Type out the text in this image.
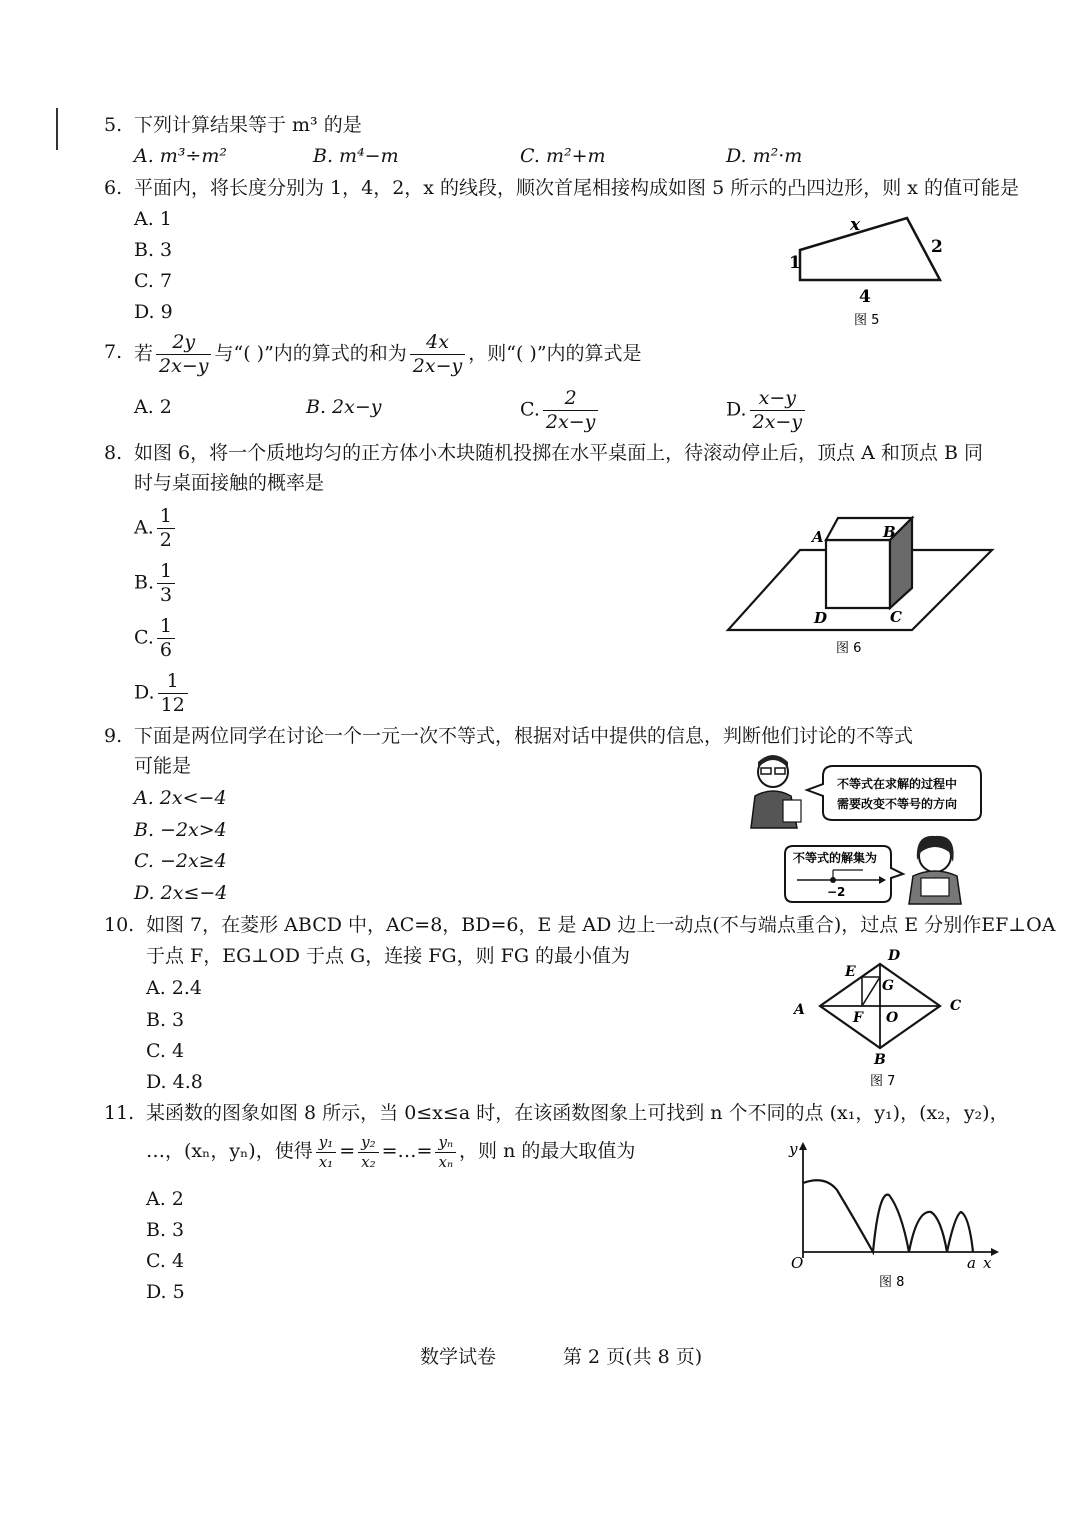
5. 下列计算结果等于 m³ 的是
A. m³÷m²	B. m⁴−m	C. m²+m	D. m²·m
6. 平面内，将长度分别为 1，4，2，x 的线段，顺次首尾相接构成如图 5 所示的凸四边形，则 x 的值可能是
A. 1
B. 3
C. 7
D. 9
x
2
4
1
图 5
7. 若 $\frac{2y}{2x-y}$ 与“( )”内的算式的和为 $\frac{4x}{2x-y}$ ，则“( )”内的算式是
A. 2	B. 2x−y	C. $\frac{2}{2x-y}$	D. $\frac{x-y}{2x-y}$
8. 如图 6，将一个质地均匀的正方体小木块随机投掷在水平桌面上，待滚动停止后，顶点 A 和顶点 B 同
时与桌面接触的概率是
A. $\frac{1}{2}$
B. $\frac{1}{3}$
C. $\frac{1}{6}$
D. $\frac{1}{12}$
A	B
C
D
图 6
9. 下面是两位同学在讨论一个一元一次不等式，根据对话中提供的信息，判断他们讨论的不等式
可能是
A. 2x<−4
B. −2x>4
C. −2x≥4
D. 2x≤−4
不等式在求解的过程中
需要改变不等号的方向
不等式的解集为
−2
10. 如图 7，在菱形 ABCD 中，AC=8，BD=6，E 是 AD 边上一动点(不与端点重合)，过点 E 分别作EF⊥OA
于点 F，EG⊥OD 于点 G，连接 FG，则 FG 的最小值为
A. 2.4
B. 3
C. 4
D. 4.8
A
D
C
B
E
F
G
O
图 7
11. 某函数的图象如图 8 所示，当 0≤x≤a 时，在该函数图象上可找到 n 个不同的点 (x₁，y₁)，(x₂，y₂)，
…，(xₙ，yₙ)，使得 $\frac{\text{y₁}}{\text{x₁}} = \frac{\text{y₂}}{\text{x₂}}$ =…= $\frac{\text{yₙ}}{\text{xₙ}}$ ，则 n 的最大取值为
A. 2
B. 3
C. 4
D. 5
y
x
O	a
图 8
数学试卷	第 2 页(共 8 页)
